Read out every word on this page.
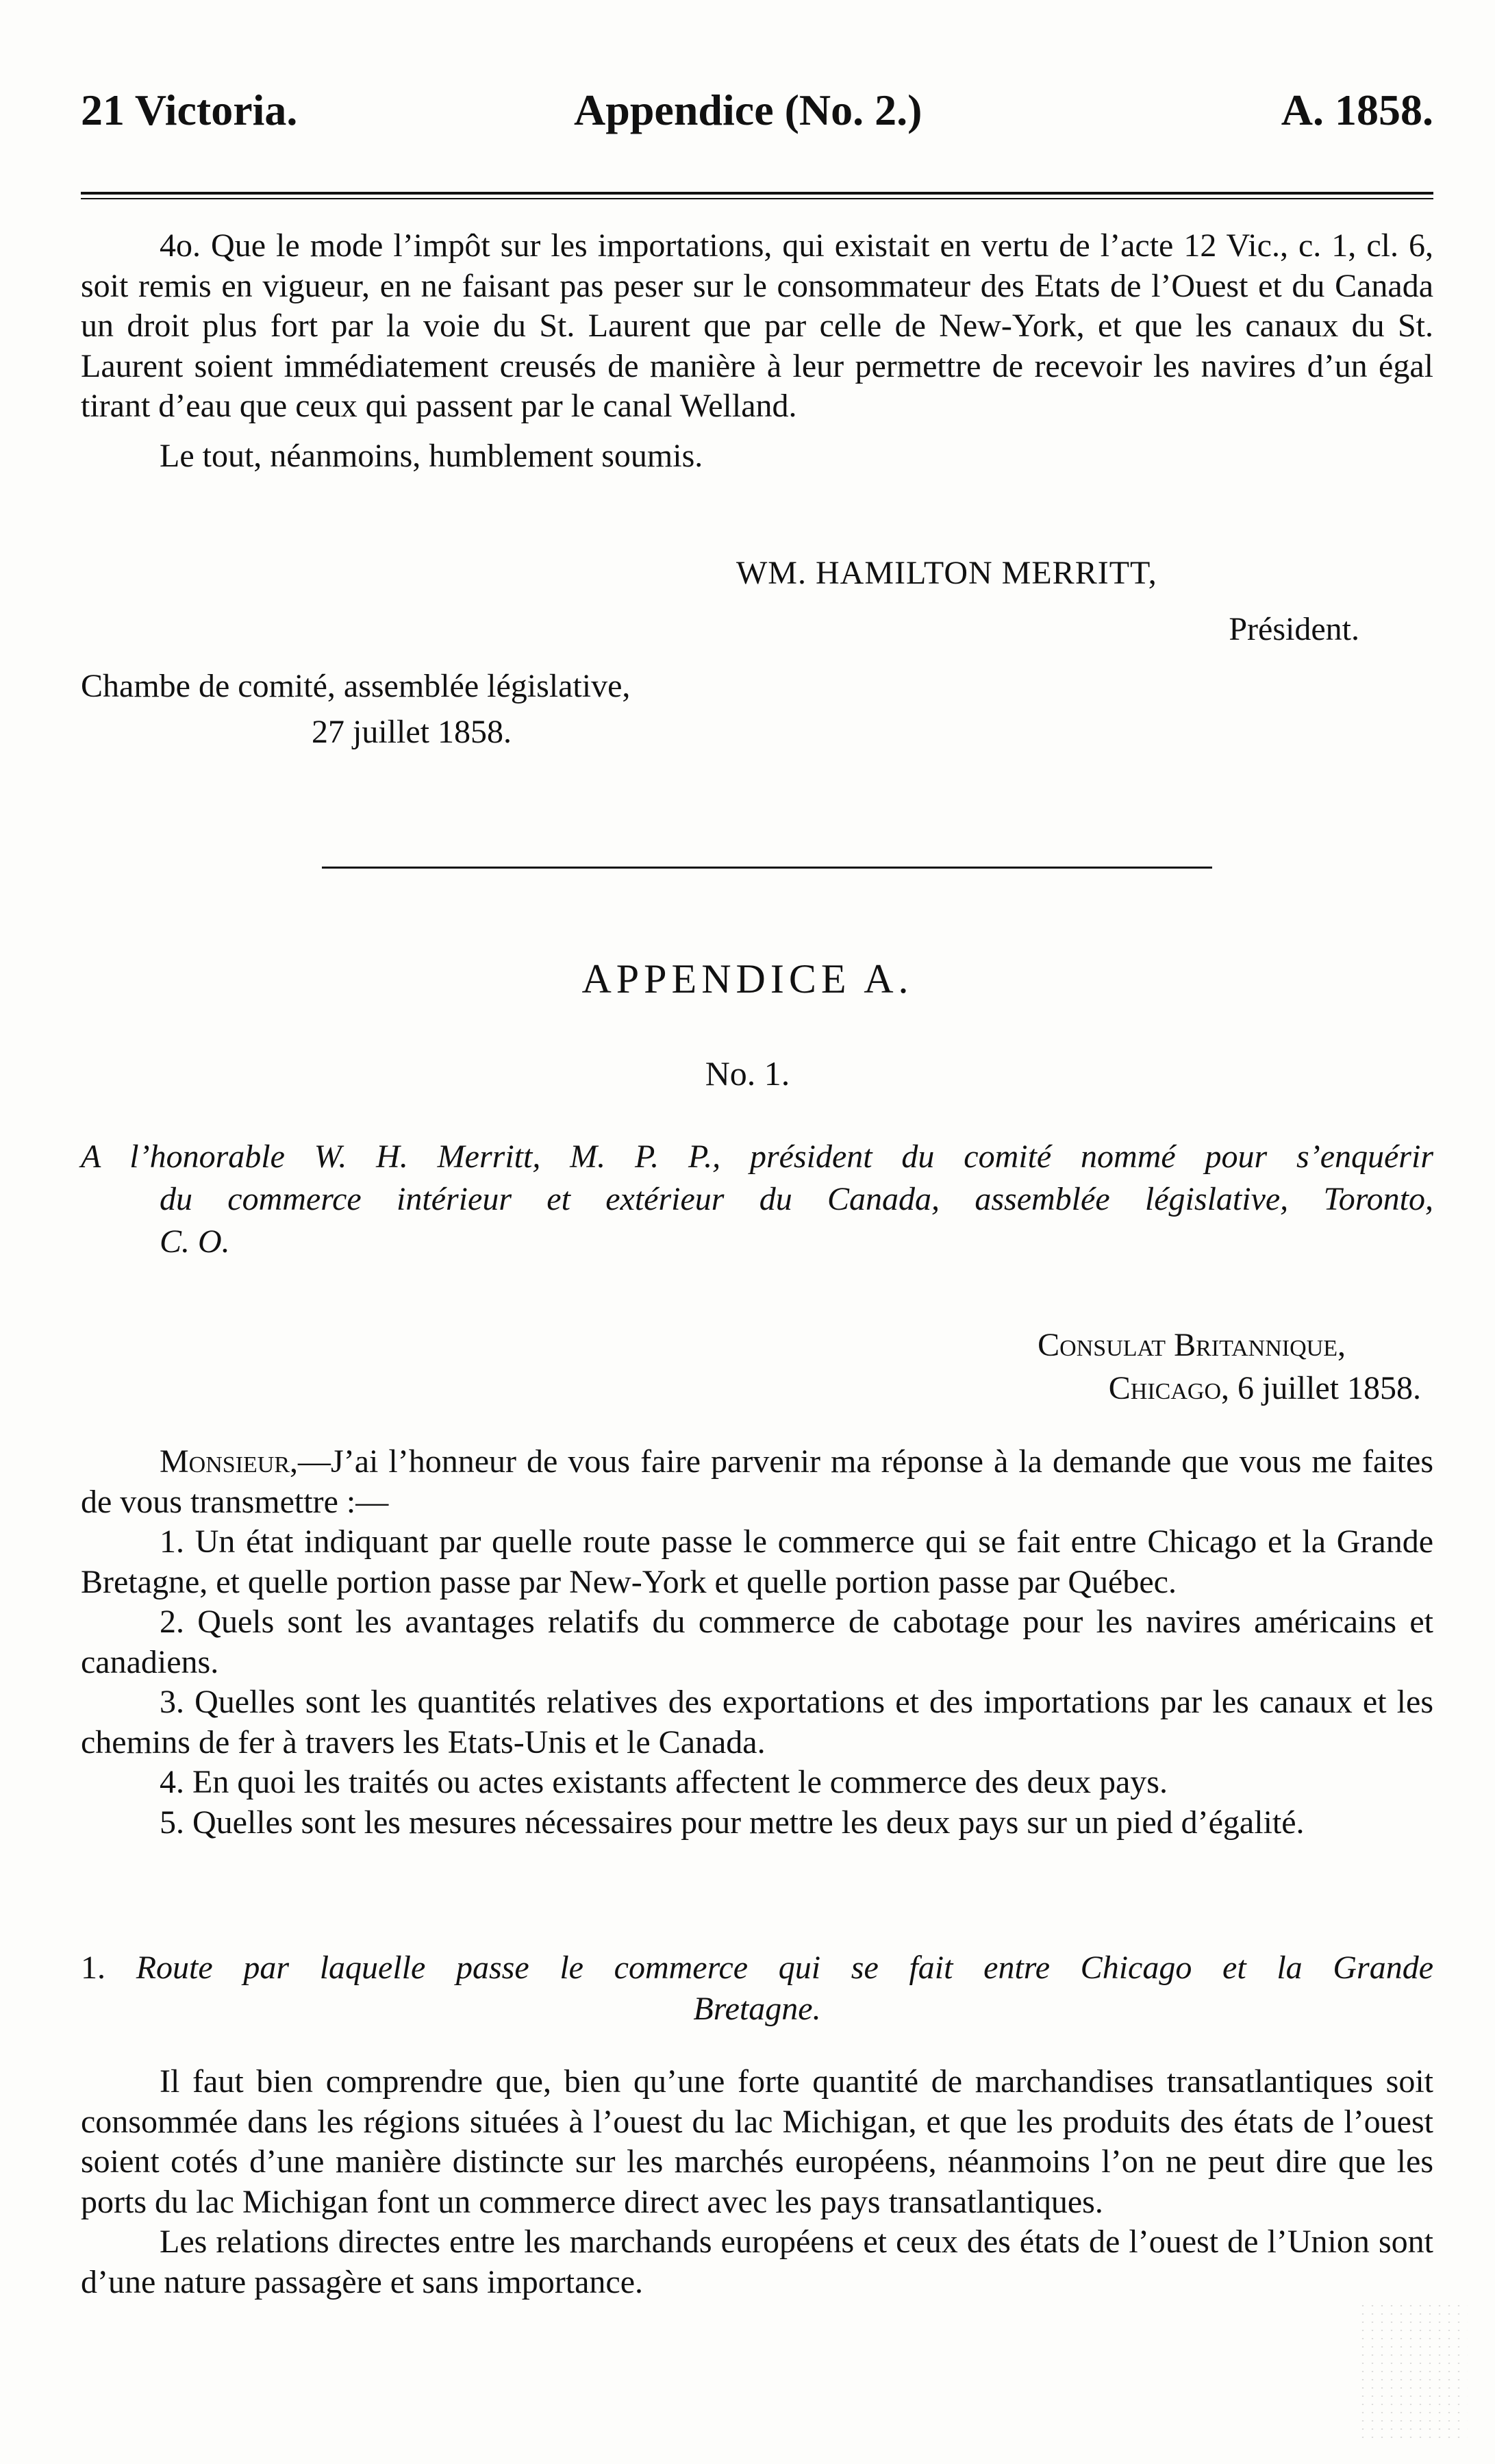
21 Victoria.	Appendice (No. 2.)	A. 1858.

4o. Que le mode l’impôt sur les importations, qui existait en vertu de l’acte 12 Vic., c. 1, cl. 6, soit remis en vigueur, en ne faisant pas peser sur le consommateur des Etats de l’Ouest et du Canada un droit plus fort par la voie du St. Laurent que par celle de New-York, et que les canaux du St. Laurent soient immédiatement creusés de manière à leur permettre de recevoir les navires d’un égal tirant d’eau que ceux qui passent par le canal Welland.

Le tout, néanmoins, humblement soumis.

WM. HAMILTON MERRITT,
Président.
Chambe de comité, assemblée législative,
27 juillet 1858.
APPENDICE A.
No. 1.
A l’honorable W. H. Merritt, M. P. P., président du comité nommé pour s’enquérir
du commerce intérieur et extérieur du Canada, assemblée législative, Toronto,
C. O.
Consulat Britannique,
Chicago, 6 juillet 1858.

Monsieur,—J’ai l’honneur de vous faire parvenir ma réponse à la demande que vous me faites de vous transmettre :—

1. Un état indiquant par quelle route passe le commerce qui se fait entre Chicago et la Grande Bretagne, et quelle portion passe par New-York et quelle portion passe par Québec.

2. Quels sont les avantages relatifs du commerce de cabotage pour les navires américains et canadiens.

3. Quelles sont les quantités relatives des exportations et des importations par les canaux et les chemins de fer à travers les Etats-Unis et le Canada.

4. En quoi les traités ou actes existants affectent le commerce des deux pays.

5. Quelles sont les mesures nécessaires pour mettre les deux pays sur un pied d’égalité.

1. Route par laquelle passe le commerce qui se fait entre Chicago et la Grande
Bretagne.

Il faut bien comprendre que, bien qu’une forte quantité de marchandises transatlantiques soit consommée dans les régions situées à l’ouest du lac Michigan, et que les produits des états de l’ouest soient cotés d’une manière distincte sur les marchés européens, néanmoins l’on ne peut dire que les ports du lac Michigan font un commerce direct avec les pays transatlantiques.

Les relations directes entre les marchands européens et ceux des états de l’ouest de l’Union sont d’une nature passagère et sans importance.
